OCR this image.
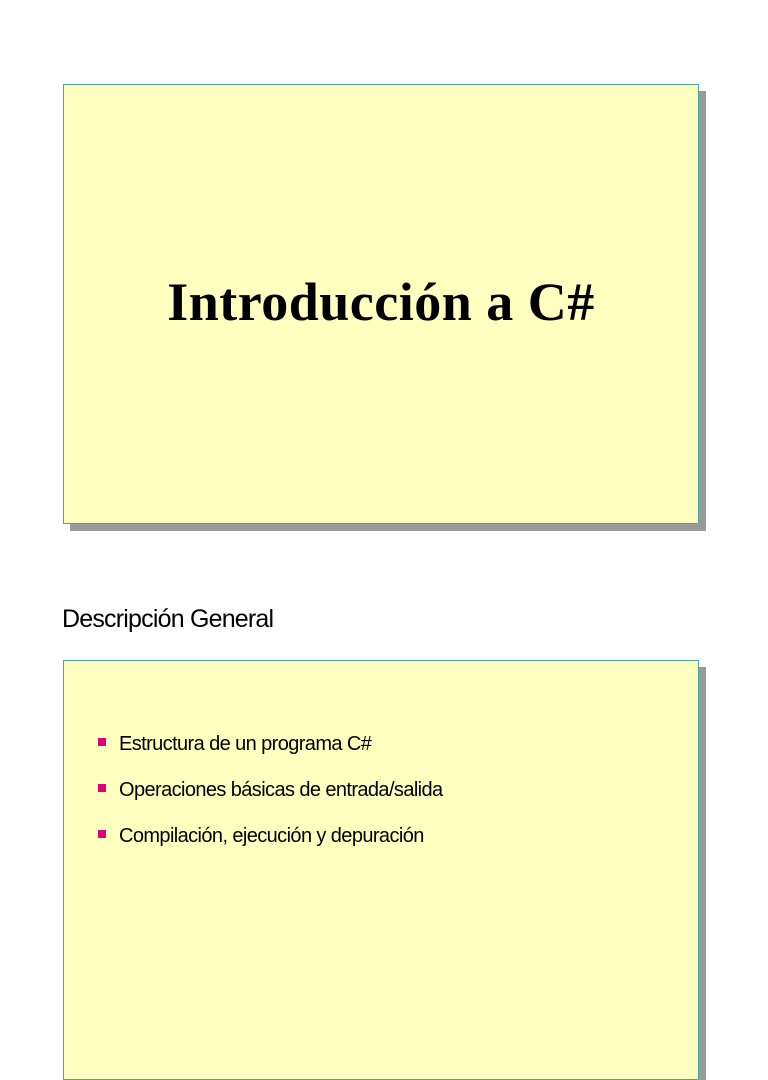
Introducción a C#
Descripción General
Estructura de un programa C#
Operaciones básicas de entrada/salida
Compilación, ejecución y depuración
